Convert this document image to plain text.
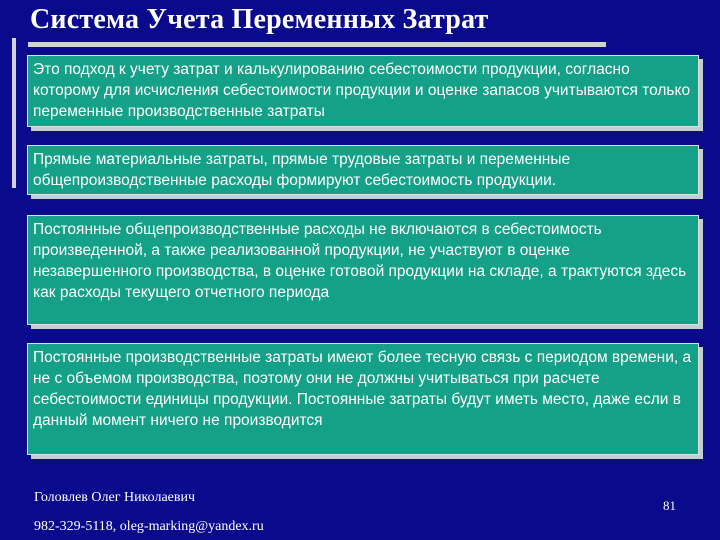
Система Учета Переменных Затрат
Это подход к учету затрат и калькулированию себестоимости продукции, согласно которому для исчисления себестоимости продукции и оценке запасов учитываются только переменные производственные затраты
Прямые материальные затраты, прямые трудовые затраты и переменные общепроизводственные расходы формируют себестоимость продукции.
Постоянные общепроизводственные расходы не включаются в себестоимость произведенной, а также реализованной продукции, не участвуют в оценке незавершенного производства, в оценке готовой продукции на складе, а трактуются здесь как расходы текущего отчетного периода
Постоянные производственные затраты имеют более тесную связь с периодом времени, а не с объемом производства, поэтому они не должны учитываться при расчете себестоимости единицы продукции. Постоянные затраты будут иметь место, даже если в данный момент ничего не производится
Головлев Олег Николаевич
982-329-5118, oleg-marking@yandex.ru
81
